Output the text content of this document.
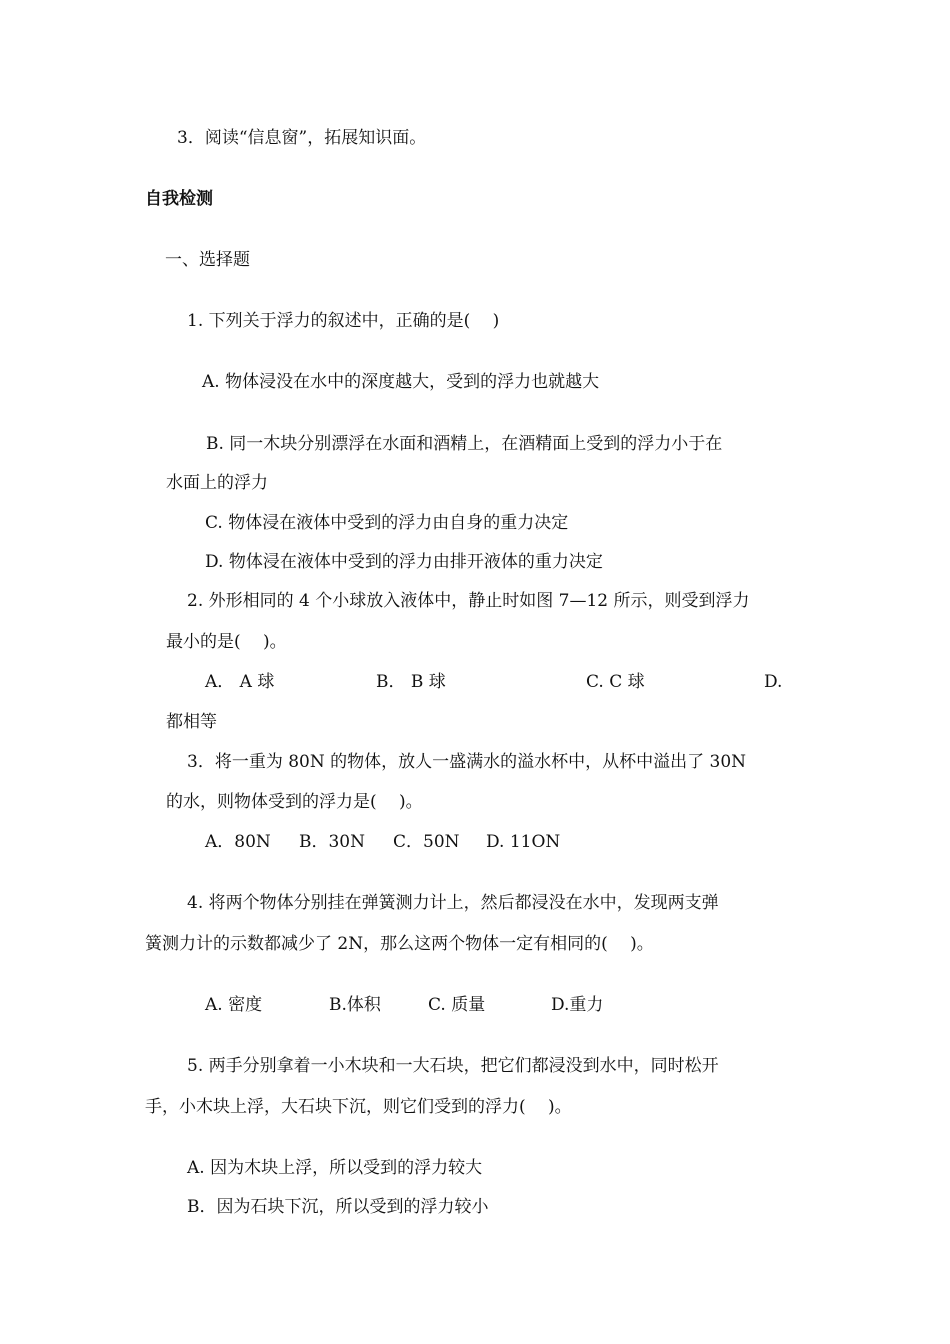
3．阅读“信息窗”，拓展知识面。
自我检测
一、选择题
1. 下列关于浮力的叙述中，正确的是(　 )
A. 物体浸没在水中的深度越大，受到的浮力也就越大
B. 同一木块分别漂浮在水面和酒精上，在酒精面上受到的浮力小于在
水面上的浮力
C. 物体浸在液体中受到的浮力由自身的重力决定
D. 物体浸在液体中受到的浮力由排开液体的重力决定
2. 外形相同的 4 个小球放入液体中，静止时如图 7—12 所示，则受到浮力
最小的是(　 )。
A． A 球	B． B 球	C. C 球	D.
都相等
3．将一重为 80N 的物体，放人一盛满水的溢水杯中，从杯中溢出了 30N
的水，则物体受到的浮力是(　 )。
A．80N B．30N C．50N D. 11ON
4. 将两个物体分别挂在弹簧测力计上，然后都浸没在水中，发现两支弹
簧测力计的示数都减少了 2N，那么这两个物体一定有相同的(　 )。
A. 密度	B.体积	C. 质量	D.重力
5. 两手分别拿着一小木块和一大石块，把它们都浸没到水中，同时松开
手，小木块上浮，大石块下沉，则它们受到的浮力(　 )。
A. 因为木块上浮，所以受到的浮力较大
B．因为石块下沉，所以受到的浮力较小
